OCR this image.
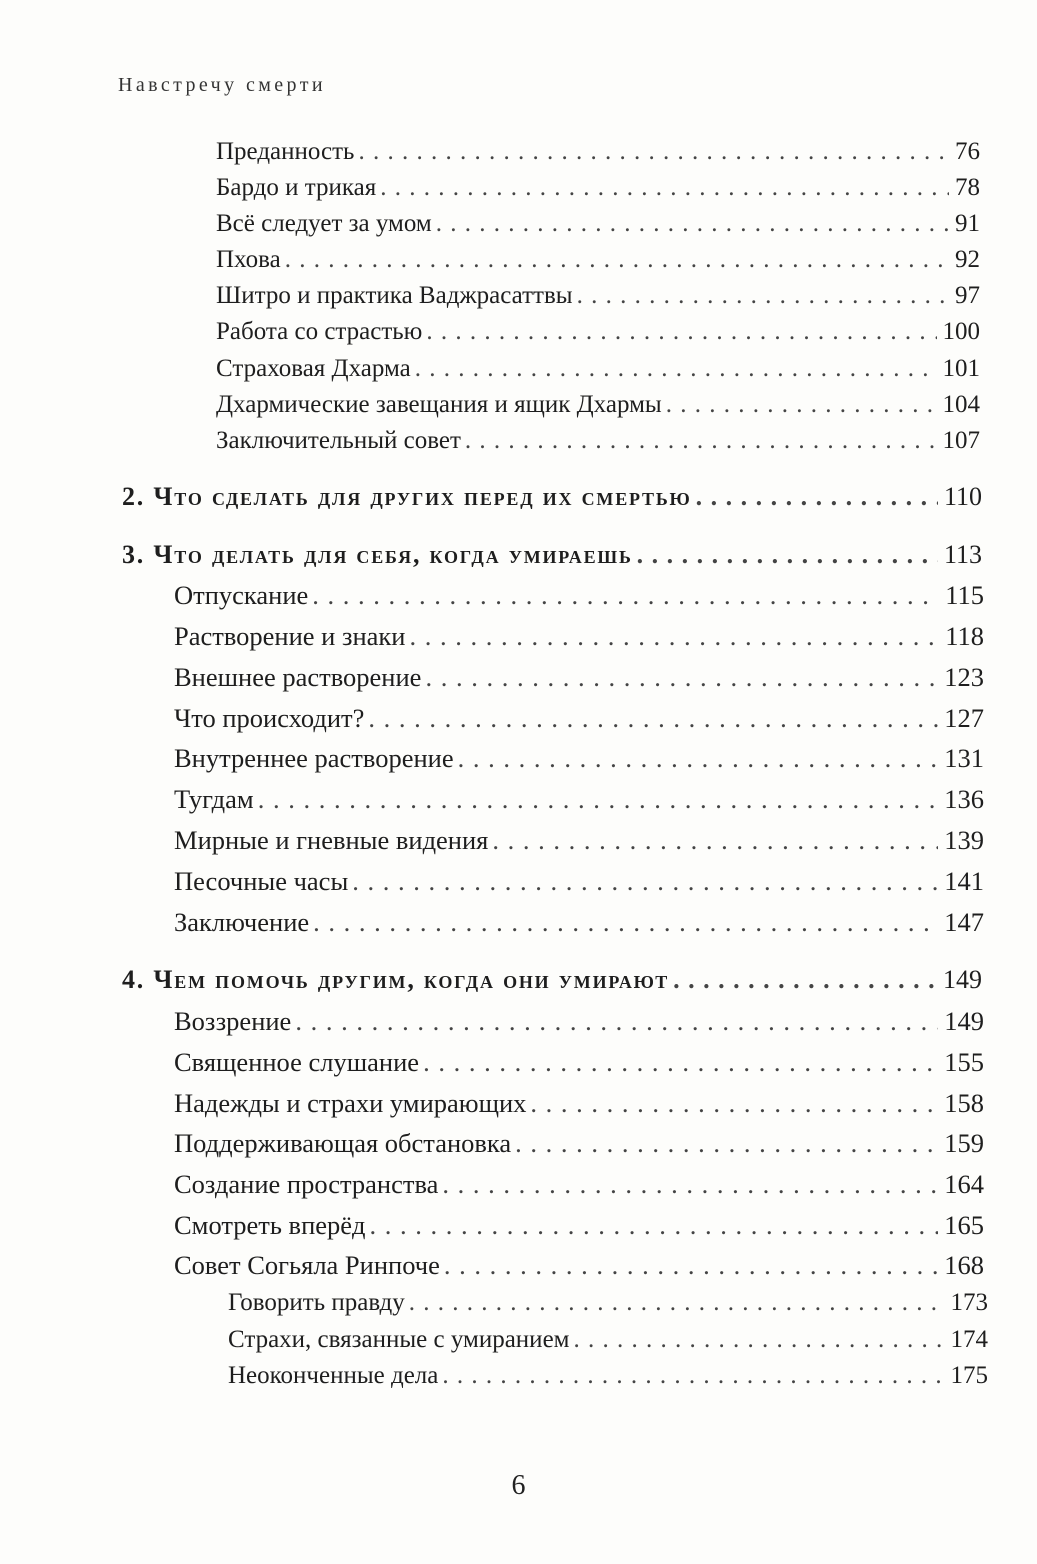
Навстречу смерти
Преданность . . .	76
Бардо и трикая . . .	78
Всё следует за умом . . .	91
Пхова . . .	92
Шитро и практика Ваджрасаттвы . . .	97
Работа со страстью . . .	100
Страховая Дхарма . . .	101
Дхармические завещания и ящик Дхармы . . .	104
Заключительный совет . . .	107
2. Что сделать для других перед их смертью . . .	110
3. Что делать для себя, когда умираешь . . .	113
Отпускание . . .	115
Растворение и знаки . . .	118
Внешнее растворение . . .	123
Что происходит? . . .	127
Внутреннее растворение . . .	131
Тугдам . . .	136
Мирные и гневные видения . . .	139
Песочные часы . . .	141
Заключение . . .	147
4. Чем помочь другим, когда они умирают . . .	149
Воззрение . . .	149
Священное слушание . . .	155
Надежды и страхи умирающих . . .	158
Поддерживающая обстановка . . .	159
Создание пространства . . .	164
Смотреть вперёд . . .	165
Совет Согьяла Ринпоче . . .	168
Говорить правду . . .	173
Страхи, связанные с умиранием . . .	174
Неоконченные дела . . .	175
6
